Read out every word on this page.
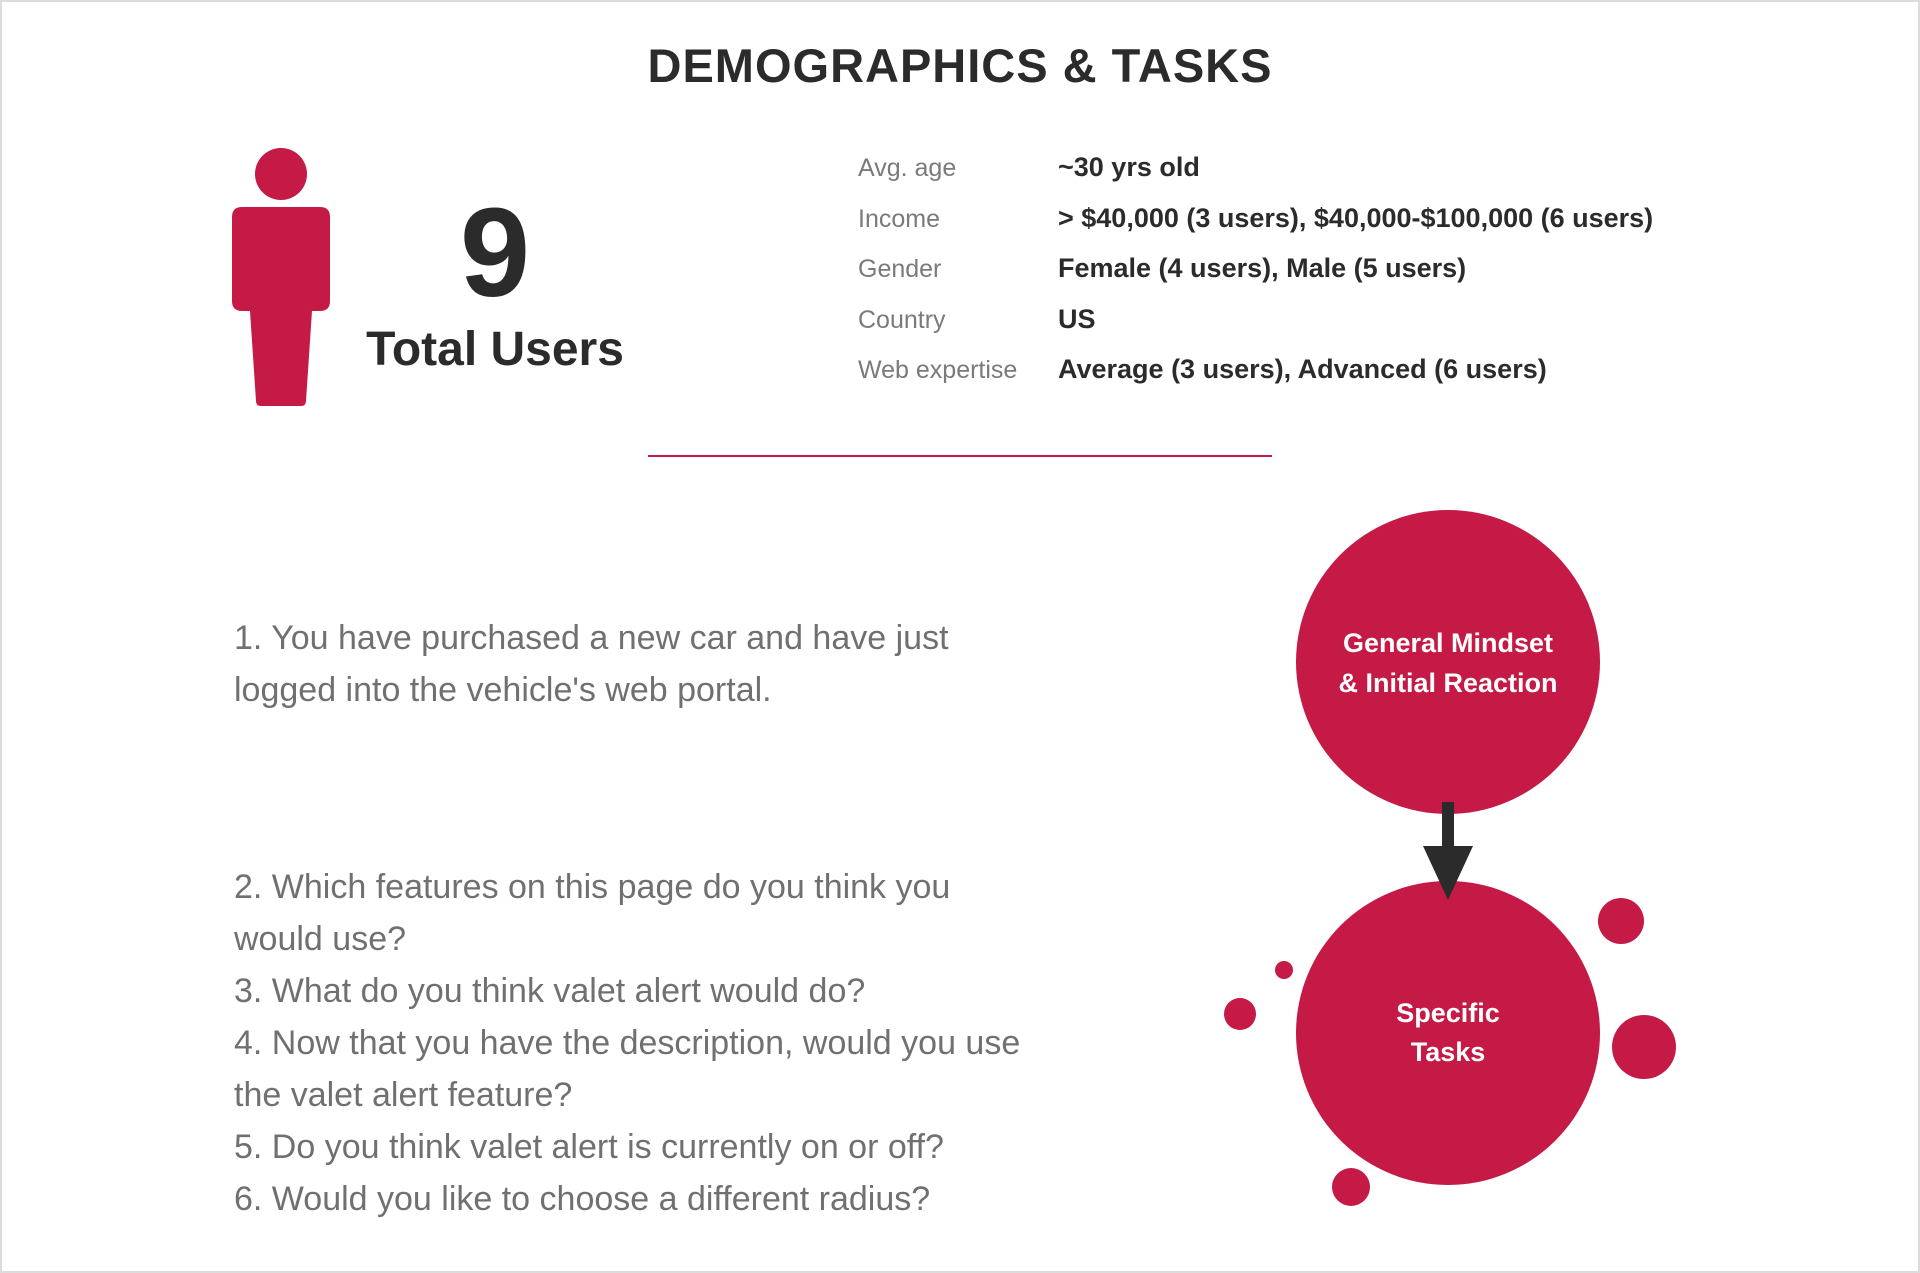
DEMOGRAPHICS & TASKS
9
Total Users
Avg. age	~30 yrs old
Income	> $40,000 (3 users), $40,000-$100,000 (6 users)
Gender	Female (4 users), Male (5 users)
Country	US
Web expertise	Average (3 users), Advanced (6 users)
1. You have purchased a new car and have just
logged into the vehicle's web portal.
2. Which features on this page do you think you
would use?
3. What do you think valet alert would do?
4. Now that you have the description, would you use
the valet alert feature?
5. Do you think valet alert is currently on or off?
6. Would you like to choose a different radius?
General Mindset
& Initial Reaction
Specific
Tasks
